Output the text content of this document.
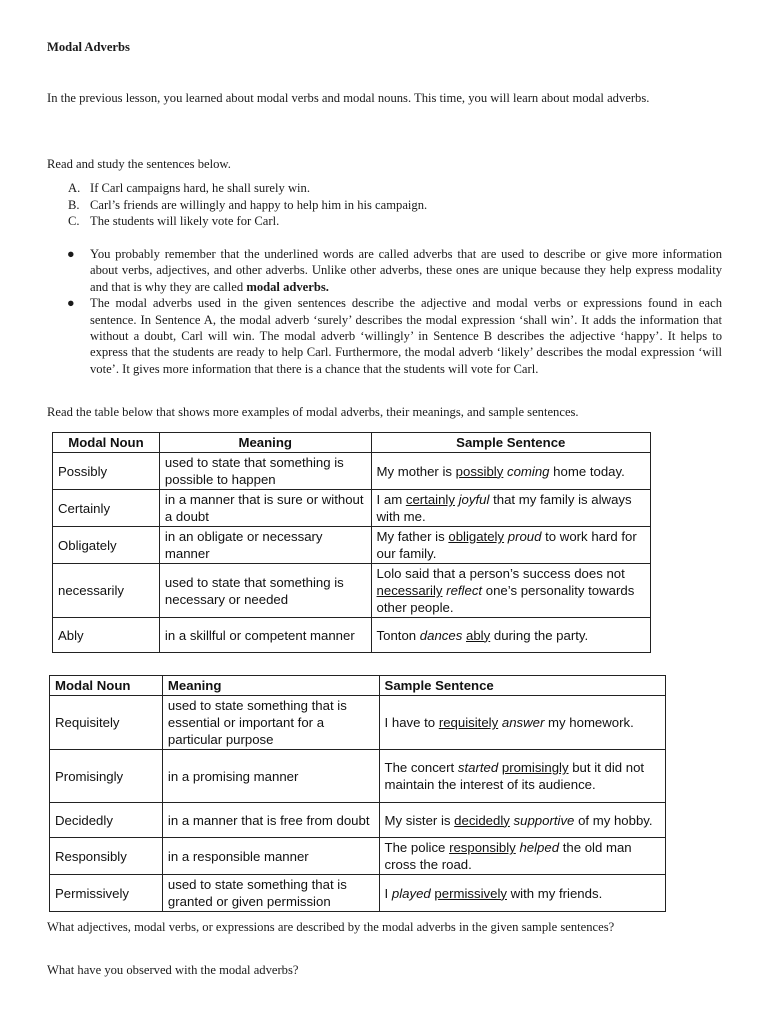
Modal Adverbs
In the previous lesson, you learned about modal verbs and modal nouns. This time, you will learn about modal adverbs.
Read and study the sentences below.
A. If Carl campaigns hard, he shall surely win.
B. Carl’s friends are willingly and happy to help him in his campaign.
C. The students will likely vote for Carl.
● You probably remember that the underlined words are called adverbs that are used to describe or give more information about verbs, adjectives, and other adverbs. Unlike other adverbs, these ones are unique because they help express modality and that is why they are called modal adverbs.
● The modal adverbs used in the given sentences describe the adjective and modal verbs or expressions found in each sentence. In Sentence A, the modal adverb ‘surely’ describes the modal expression ‘shall win’. It adds the information that without a doubt, Carl will win. The modal adverb ‘willingly’ in Sentence B describes the adjective ‘happy’. It helps to express that the students are ready to help Carl. Furthermore, the modal adverb ‘likely’ describes the modal expression ‘will vote’. It gives more information that there is a chance that the students will vote for Carl.
Read the table below that shows more examples of modal adverbs, their meanings, and sample sentences.
Modal Noun	Meaning	Sample Sentence
Possibly	used to state that something is possible to happen	My mother is possibly coming home today.
Certainly	in a manner that is sure or without a doubt	I am certainly joyful that my family is always with me.
Obligately	in an obligate or necessary manner	My father is obligately proud to work hard for our family.
necessarily	used to state that something is necessary or needed	Lolo said that a person’s success does not necessarily reflect one’s personality towards other people.
Ably	in a skillful or competent manner	Tonton dances ably during the party.
Modal Noun	Meaning	Sample Sentence
Requisitely	used to state something that is essential or important for a particular purpose	I have to requisitely answer my homework.
Promisingly	in a promising manner	The concert started promisingly but it did not maintain the interest of its audience.
Decidedly	in a manner that is free from doubt	My sister is decidedly supportive of my hobby.
Responsibly	in a responsible manner	The police responsibly helped the old man cross the road.
Permissively	used to state something that is granted or given permission	I played permissively with my friends.
What adjectives, modal verbs, or expressions are described by the modal adverbs in the given sample sentences?
What have you observed with the modal adverbs?
